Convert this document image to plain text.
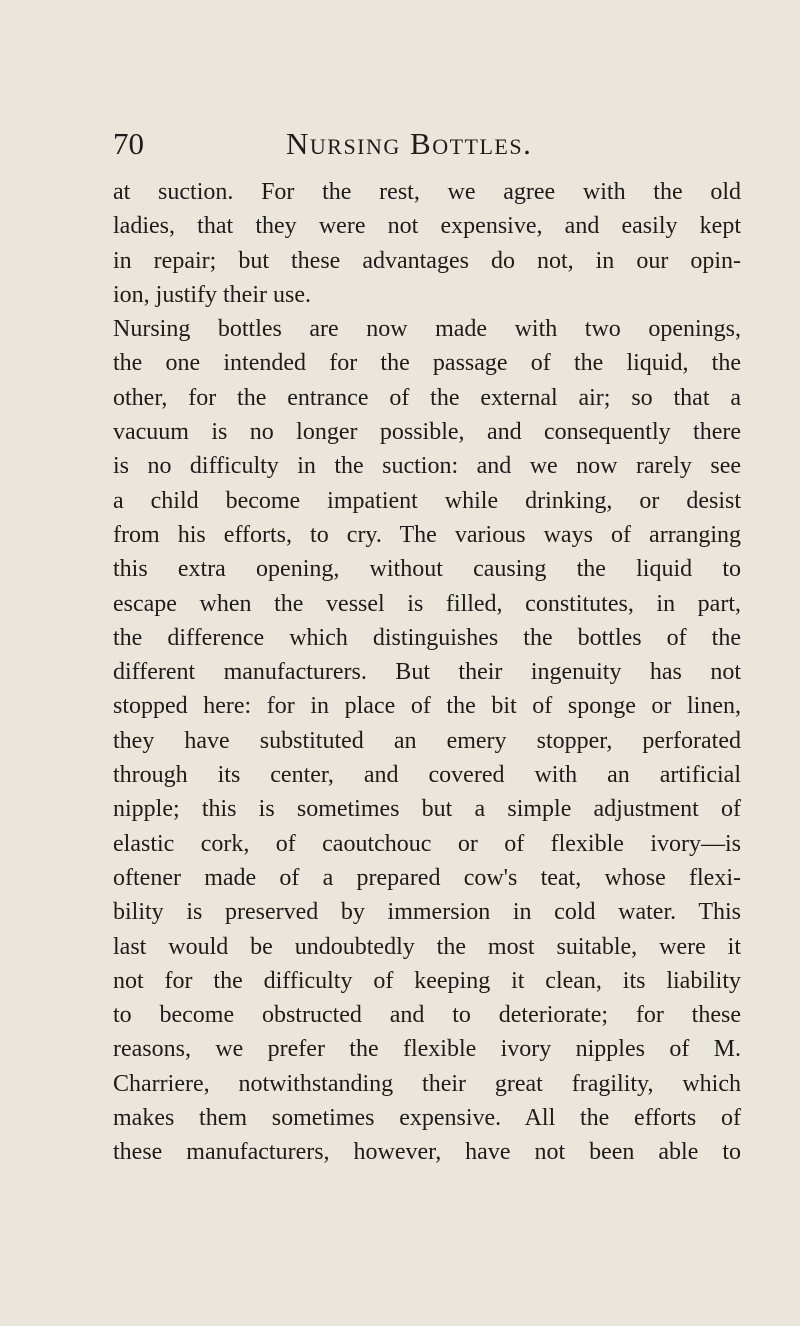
70	Nursing Bottles.
at suction. For the rest, we agree with the old
ladies, that they were not expensive, and easily kept
in repair; but these advantages do not, in our opin-
ion, justify their use.
Nursing bottles are now made with two openings,
the one intended for the passage of the liquid, the
other, for the entrance of the external air; so that a
vacuum is no longer possible, and consequently there
is no difficulty in the suction: and we now rarely see
a child become impatient while drinking, or desist
from his efforts, to cry. The various ways of arranging
this extra opening, without causing the liquid to
escape when the vessel is filled, constitutes, in part,
the difference which distinguishes the bottles of the
different manufacturers. But their ingenuity has not
stopped here: for in place of the bit of sponge or linen,
they have substituted an emery stopper, perforated
through its center, and covered with an artificial
nipple; this is sometimes but a simple adjustment of
elastic cork, of caoutchouc or of flexible ivory—is
oftener made of a prepared cow's teat, whose flexi-
bility is preserved by immersion in cold water. This
last would be undoubtedly the most suitable, were it
not for the difficulty of keeping it clean, its liability
to become obstructed and to deteriorate; for these
reasons, we prefer the flexible ivory nipples of M.
Charriere, notwithstanding their great fragility, which
makes them sometimes expensive. All the efforts of
these manufacturers, however, have not been able to
